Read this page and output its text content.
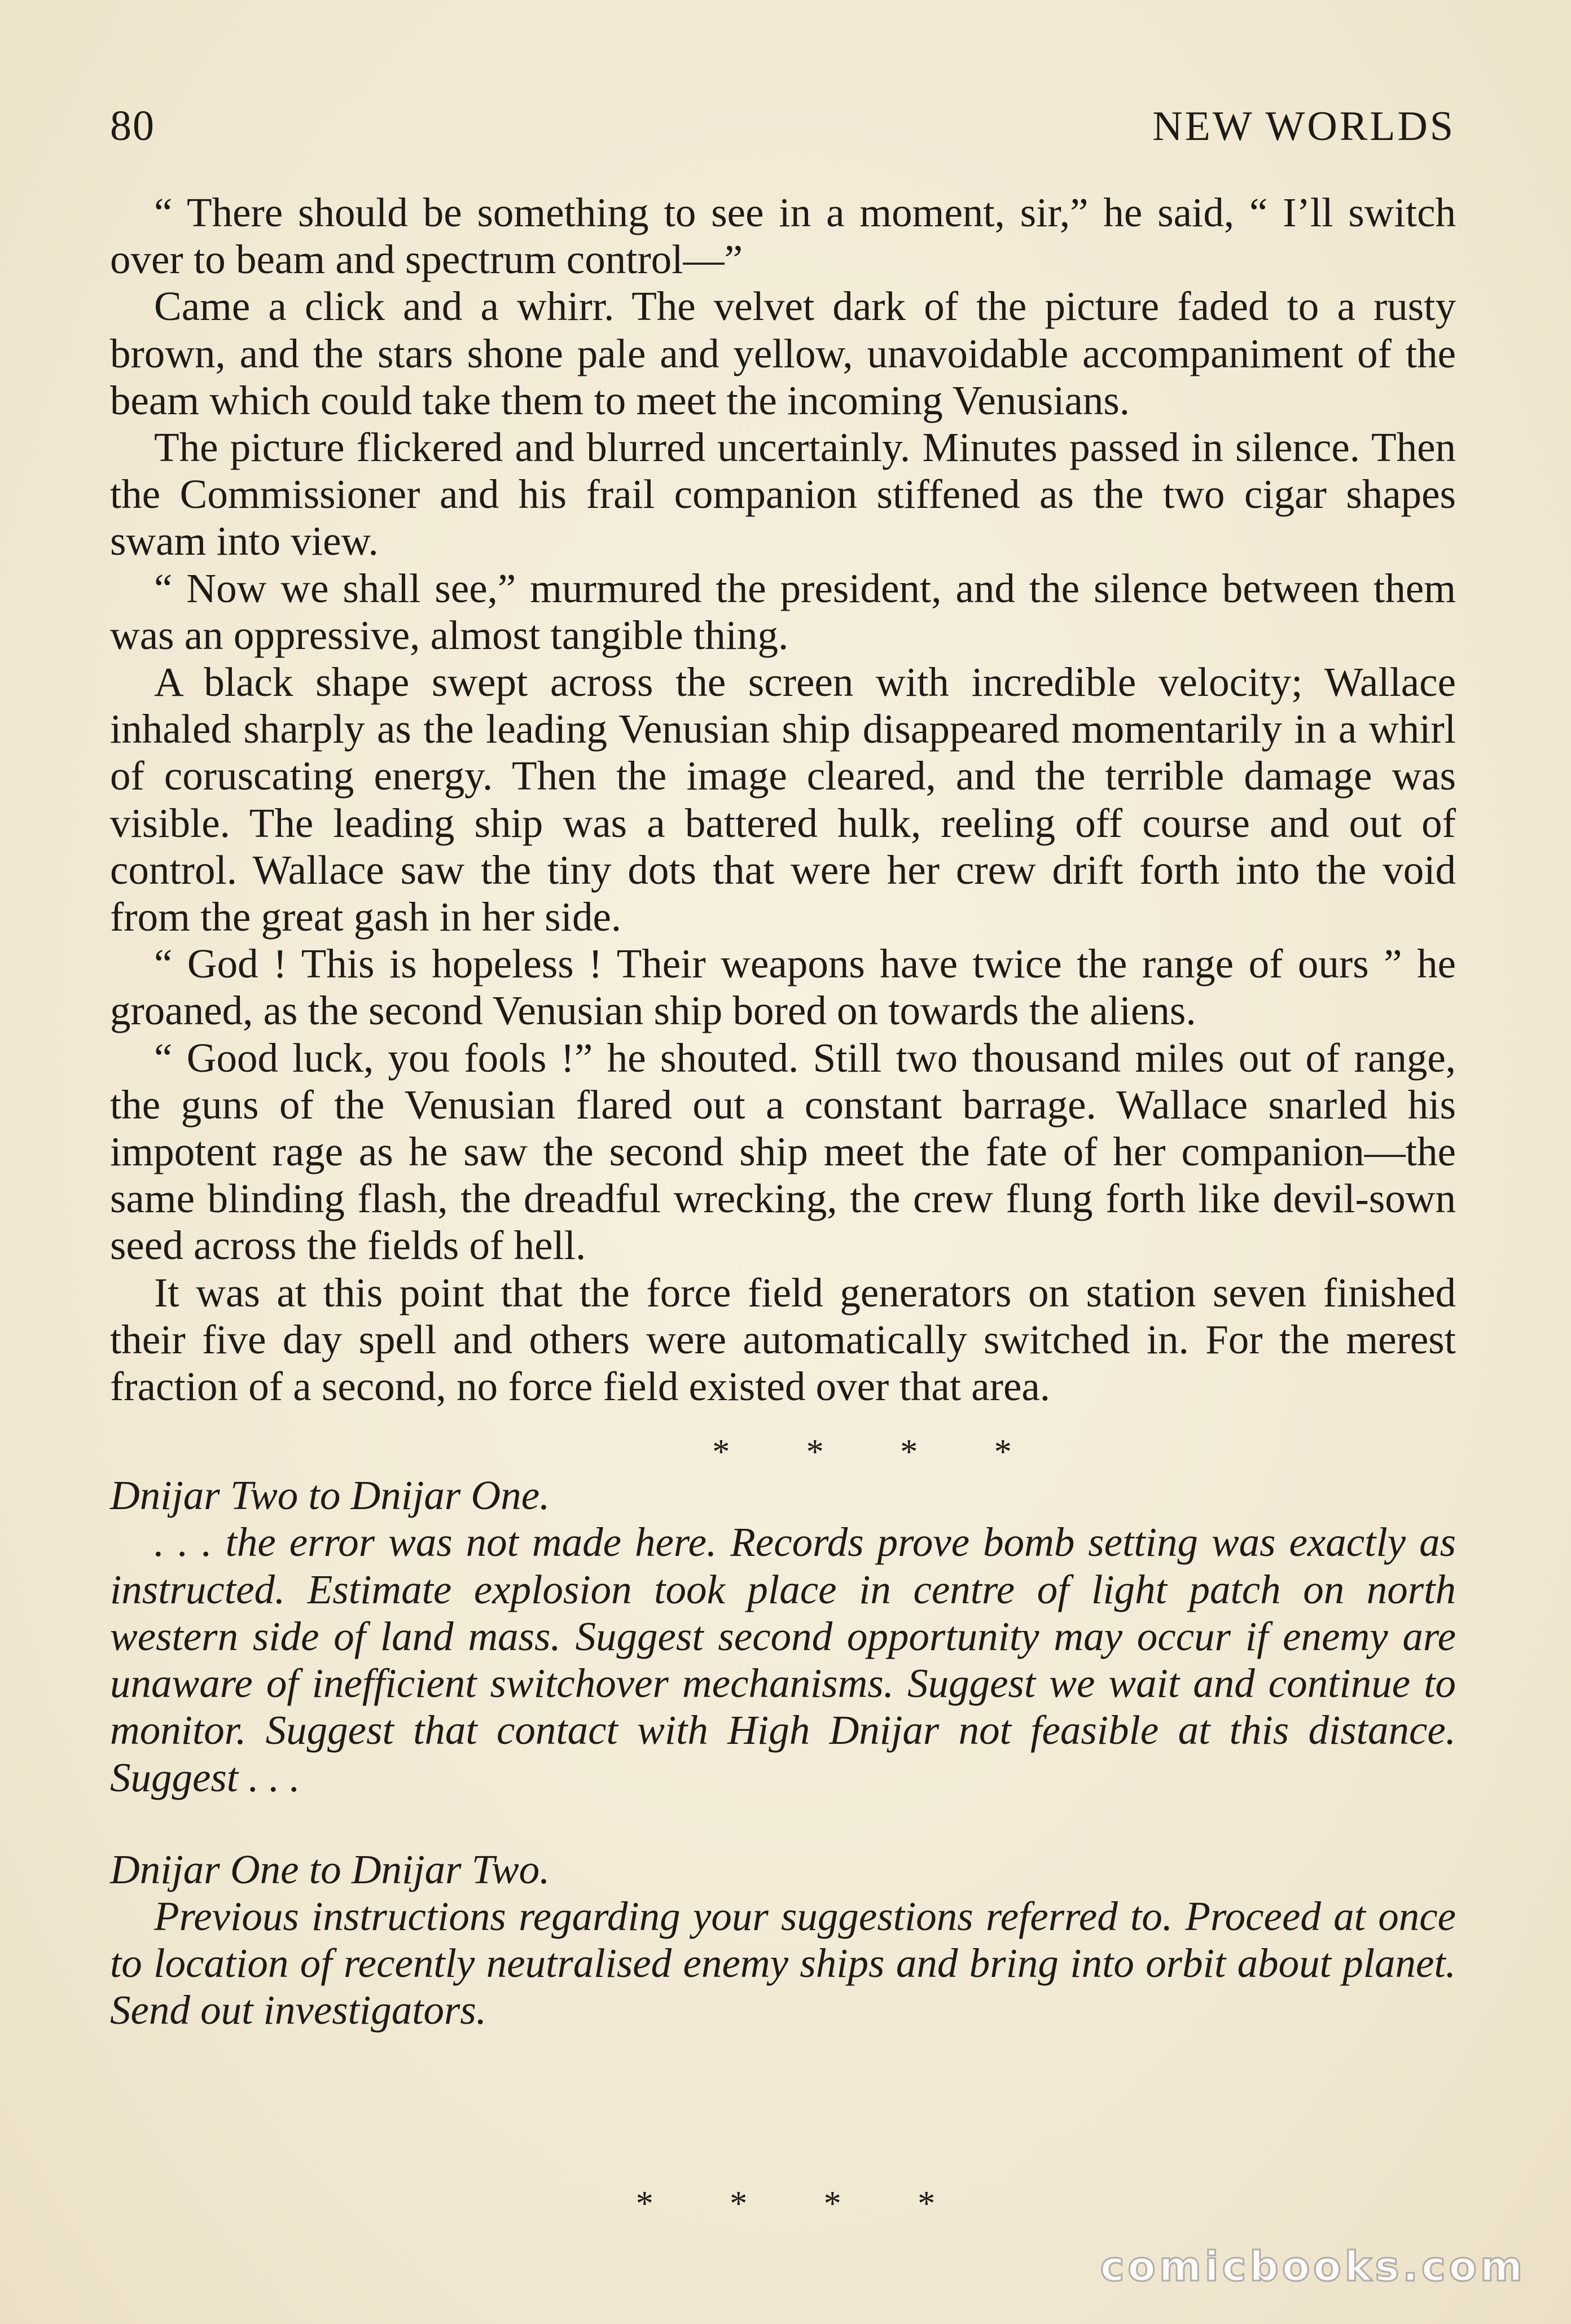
80	NEW WORLDS

“ There should be something to see in a moment, sir,” he said, “ I’ll switch over to beam and spectrum control—”

Came a click and a whirr. The velvet dark of the picture faded to a rusty brown, and the stars shone pale and yellow, unavoidable accompaniment of the beam which could take them to meet the incoming Venusians.

The picture flickered and blurred uncertainly. Minutes passed in silence. Then the Commissioner and his frail companion stiffened as the two cigar shapes swam into view.

“ Now we shall see,” murmured the president, and the silence between them was an oppressive, almost tangible thing.

A black shape swept across the screen with incredible velocity; Wallace inhaled sharply as the leading Venusian ship disappeared momentarily in a whirl of coruscating energy. Then the image cleared, and the terrible damage was visible. The leading ship was a battered hulk, reeling off course and out of control. Wallace saw the tiny dots that were her crew drift forth into the void from the great gash in her side.

“ God ! This is hopeless ! Their weapons have twice the range of ours ” he groaned, as the second Venusian ship bored on towards the aliens.

“ Good luck, you fools !” he shouted. Still two thousand miles out of range, the guns of the Venusian flared out a constant barrage. Wallace snarled his impotent rage as he saw the second ship meet the fate of her companion—the same blinding flash, the dreadful wrecking, the crew flung forth like devil-sown seed across the fields of hell.

It was at this point that the force field generators on station seven finished their five day spell and others were automatically switched in. For the merest fraction of a second, no force field existed over that area.

* * * *

Dnijar Two to Dnijar One.

. . . the error was not made here. Records prove bomb setting was exactly as instructed. Estimate explosion took place in centre of light patch on north western side of land mass. Suggest second opportunity may occur if enemy are unaware of inefficient switchover mechanisms. Suggest we wait and continue to monitor. Suggest that contact with High Dnijar not feasible at this distance. Suggest . . .

Dnijar One to Dnijar Two.

Previous instructions regarding your suggestions referred to. Proceed at once to location of recently neutralised enemy ships and bring into orbit about planet. Send out investigators.

* * * *
comicbooks.com
